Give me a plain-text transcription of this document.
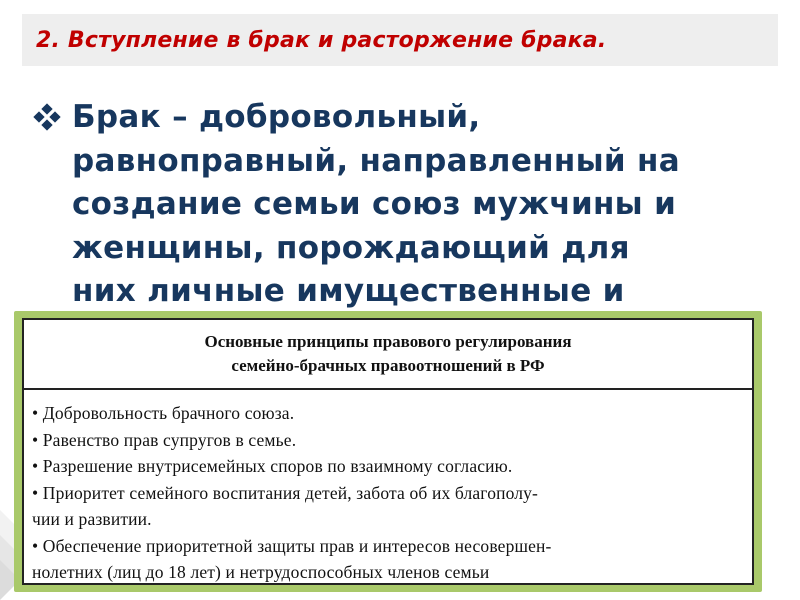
2. Вступление в брак и расторжение брака.
Брак – добровольный,
равноправный, направленный на
создание семьи союз мужчины и
женщины, порождающий для
них личные имущественные и
Основные принципы правового регулирования
семейно-брачных правоотношений в РФ
• Добровольность брачного союза.
• Равенство прав супругов в семье.
• Разрешение внутрисемейных споров по взаимному согласию.
• Приоритет семейного воспитания детей, забота об их благополу-
чии и развитии.
• Обеспечение приоритетной защиты прав и интересов несовершен-
нолетних (лиц до 18 лет) и нетрудоспособных членов семьи
